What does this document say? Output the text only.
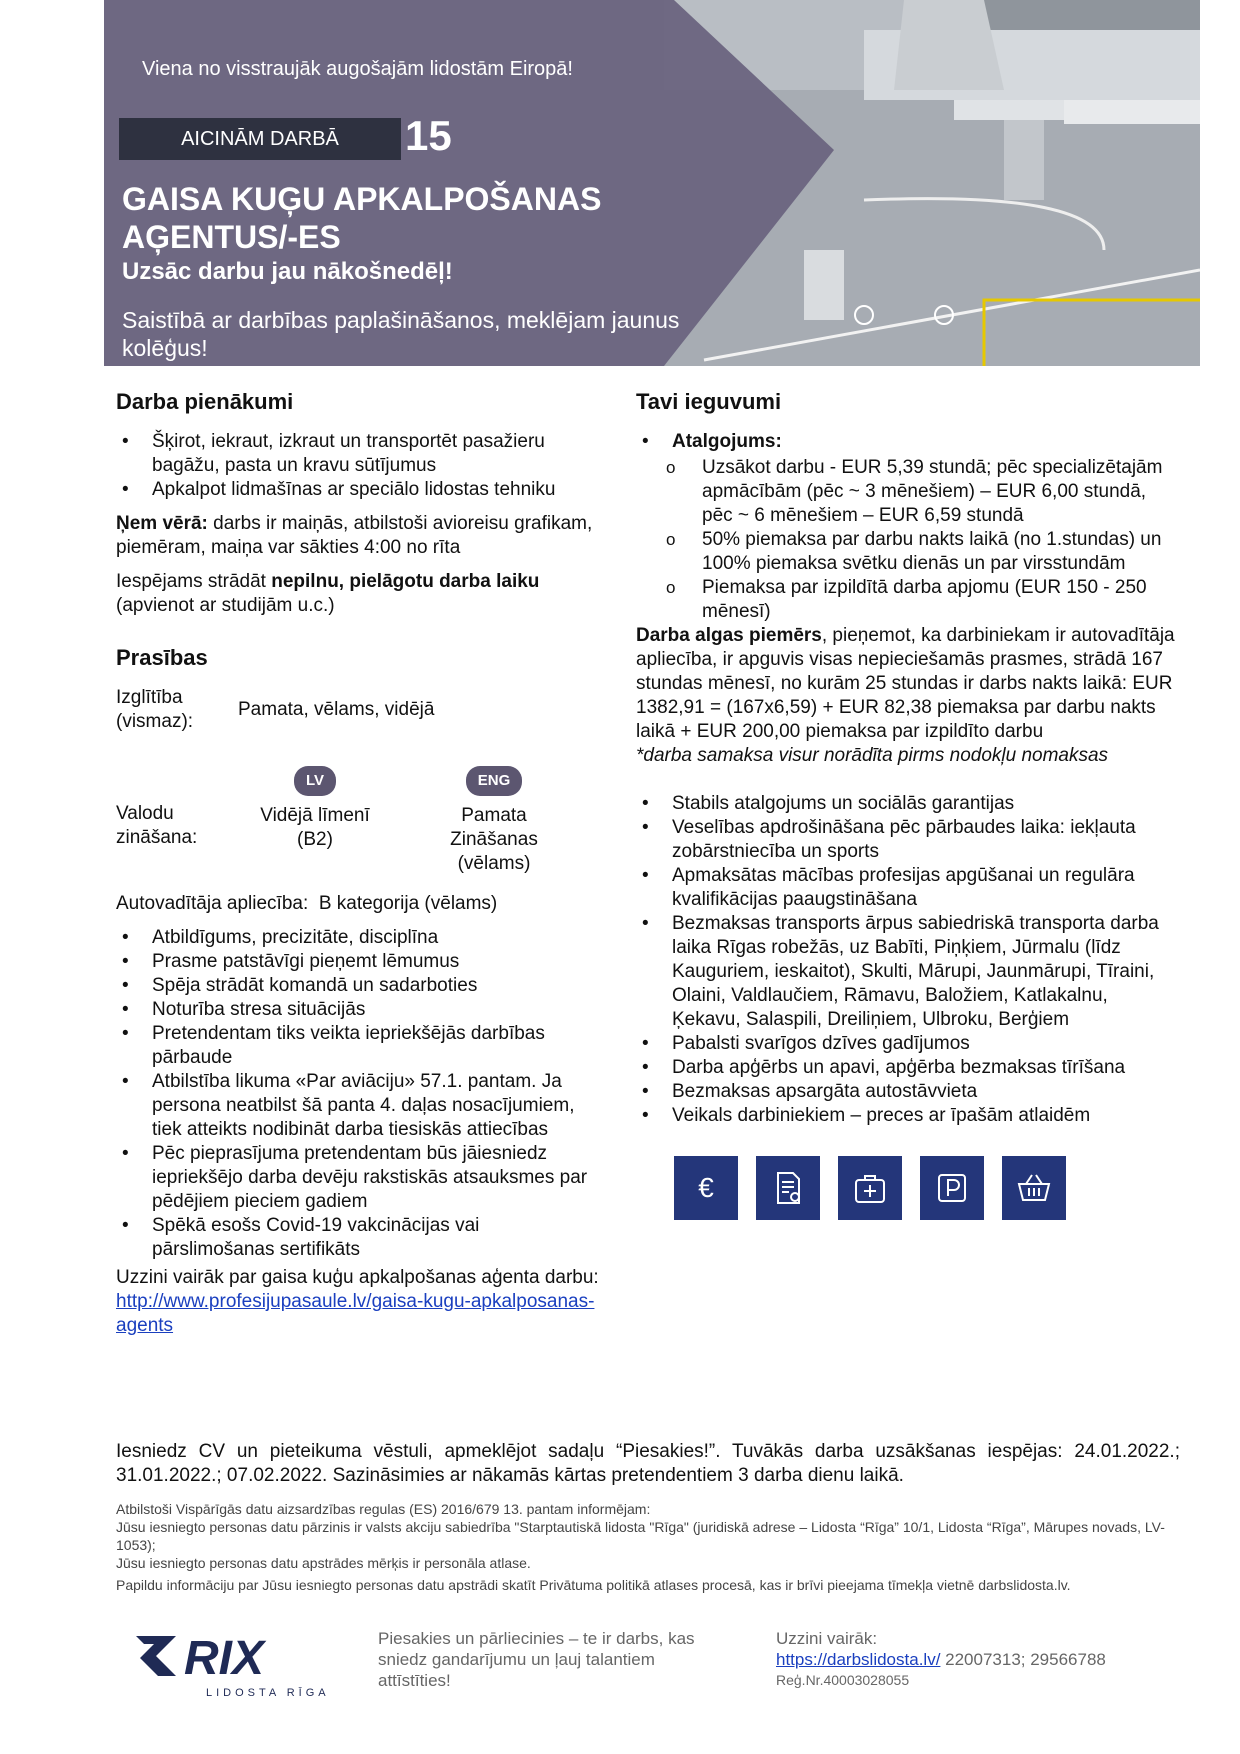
Viena no visstraujāk augošajām lidostām Eiropā!
AICINĀM DARBĀ	15
GAISA KUĢU APKALPOŠANAS AĢENTUS/-ES
Uzsāc darbu jau nākošnedēļ!
Saistībā ar darbības paplašināšanos, meklējam jaunus kolēģus!
Darba pienākumi
• Šķirot, iekraut, izkraut un transportēt pasažieru bagāžu, pasta un kravu sūtījumus
• Apkalpot lidmašīnas ar speciālo lidostas tehniku

Ņem vērā: darbs ir maiņās, atbilstoši avioreisu grafikam, piemēram, maiņa var sākties 4:00 no rīta

Iespējams strādāt nepilnu, pielāgotu darba laiku (apvienot ar studijām u.c.)

Prasības
Izglītība (vismaz):
Pamata, vēlams, vidējā
Valodu zināšana:
LV
Vidējā līmenī (B2)
ENG
Pamata Zināšanas (vēlams)

Autovadītāja apliecība: B kategorija (vēlams)

• Atbildīgums, precizitāte, disciplīna
• Prasme patstāvīgi pieņemt lēmumus
• Spēja strādāt komandā un sadarboties
• Noturība stresa situācijās
• Pretendentam tiks veikta iepriekšējās darbības pārbaude
• Atbilstība likuma «Par aviāciju» 57.1. pantam. Ja persona neatbilst šā panta 4. daļas nosacījumiem, tiek atteikts nodibināt darba tiesiskās attiecības
• Pēc pieprasījuma pretendentam būs jāiesniedz iepriekšējo darba devēju rakstiskās atsauksmes par pēdējiem pieciem gadiem
• Spēkā esošs Covid-19 vakcinācijas vai pārslimošanas sertifikāts

Uzzini vairāk par gaisa kuģu apkalpošanas aģenta darbu: http://www.profesijupasaule.lv/gaisa-kugu-apkalposanas-agents

Tavi ieguvumi
• Atalgojums:
o Uzsākot darbu - EUR 5,39 stundā; pēc specializētajām apmācībām (pēc ~ 3 mēnešiem) – EUR 6,00 stundā, pēc ~ 6 mēnešiem – EUR 6,59 stundā
o 50% piemaksa par darbu nakts laikā (no 1.stundas) un 100% piemaksa svētku dienās un par virsstundām
o Piemaksa par izpildītā darba apjomu (EUR 150 - 250 mēnesī)

Darba algas piemērs, pieņemot, ka darbiniekam ir autovadītāja apliecība, ir apguvis visas nepieciešamās prasmes, strādā 167 stundas mēnesī, no kurām 25 stundas ir darbs nakts laikā: EUR 1382,91 = (167x6,59) + EUR 82,38 piemaksa par darbu nakts laikā + EUR 200,00 piemaksa par izpildīto darbu

*darba samaksa visur norādīta pirms nodokļu nomaksas

• Stabils atalgojums un sociālās garantijas
• Veselības apdrošināšana pēc pārbaudes laika: iekļauta zobārstniecība un sports
• Apmaksātas mācības profesijas apgūšanai un regulāra kvalifikācijas paaugstināšana
• Bezmaksas transports ārpus sabiedriskā transporta darba laika Rīgas robežās, uz Babīti, Piņķiem, Jūrmalu (līdz Kauguriem, ieskaitot), Skulti, Mārupi, Jaunmārupi, Tīraini, Olaini, Valdlaučiem, Rāmavu, Baložiem, Katlakalnu, Ķekavu, Salaspili, Dreiliņiem, Ulbroku, Berģiem
• Pabalsti svarīgos dzīves gadījumos
• Darba apģērbs un apavi, apģērba bezmaksas tīrīšana
• Bezmaksas apsargāta autostāvvieta
• Veikals darbiniekiem – preces ar īpašām atlaidēm
€

Iesniedz CV un pieteikuma vēstuli, apmeklējot sadaļu “Piesakies!”. Tuvākās darba uzsākšanas iespējas: 24.01.2022.; 31.01.2022.; 07.02.2022. Sazināsimies ar nākamās kārtas pretendentiem 3 darba dienu laikā.

Atbilstoši Vispārīgās datu aizsardzības regulas (ES) 2016/679 13. pantam informējam:

Jūsu iesniegto personas datu pārzinis ir valsts akciju sabiedrība "Starptautiskā lidosta "Rīga" (juridiskā adrese – Lidosta “Rīga” 10/1, Lidosta “Rīga”, Mārupes novads, LV-1053);

Jūsu iesniegto personas datu apstrādes mērķis ir personāla atlase.

Papildu informāciju par Jūsu iesniegto personas datu apstrādi skatīt Privātuma politikā atlases procesā, kas ir brīvi pieejama tīmekļa vietnē darbslidosta.lv.

RIX
LIDOSTA RĪGA

Piesakies un pārliecinies – te ir darbs, kas sniedz gandarījumu un ļauj talantiem attīstīties!

Uzzini vairāk:

https://darbslidosta.lv/ 22007313; 29566788

Reģ.Nr.40003028055
